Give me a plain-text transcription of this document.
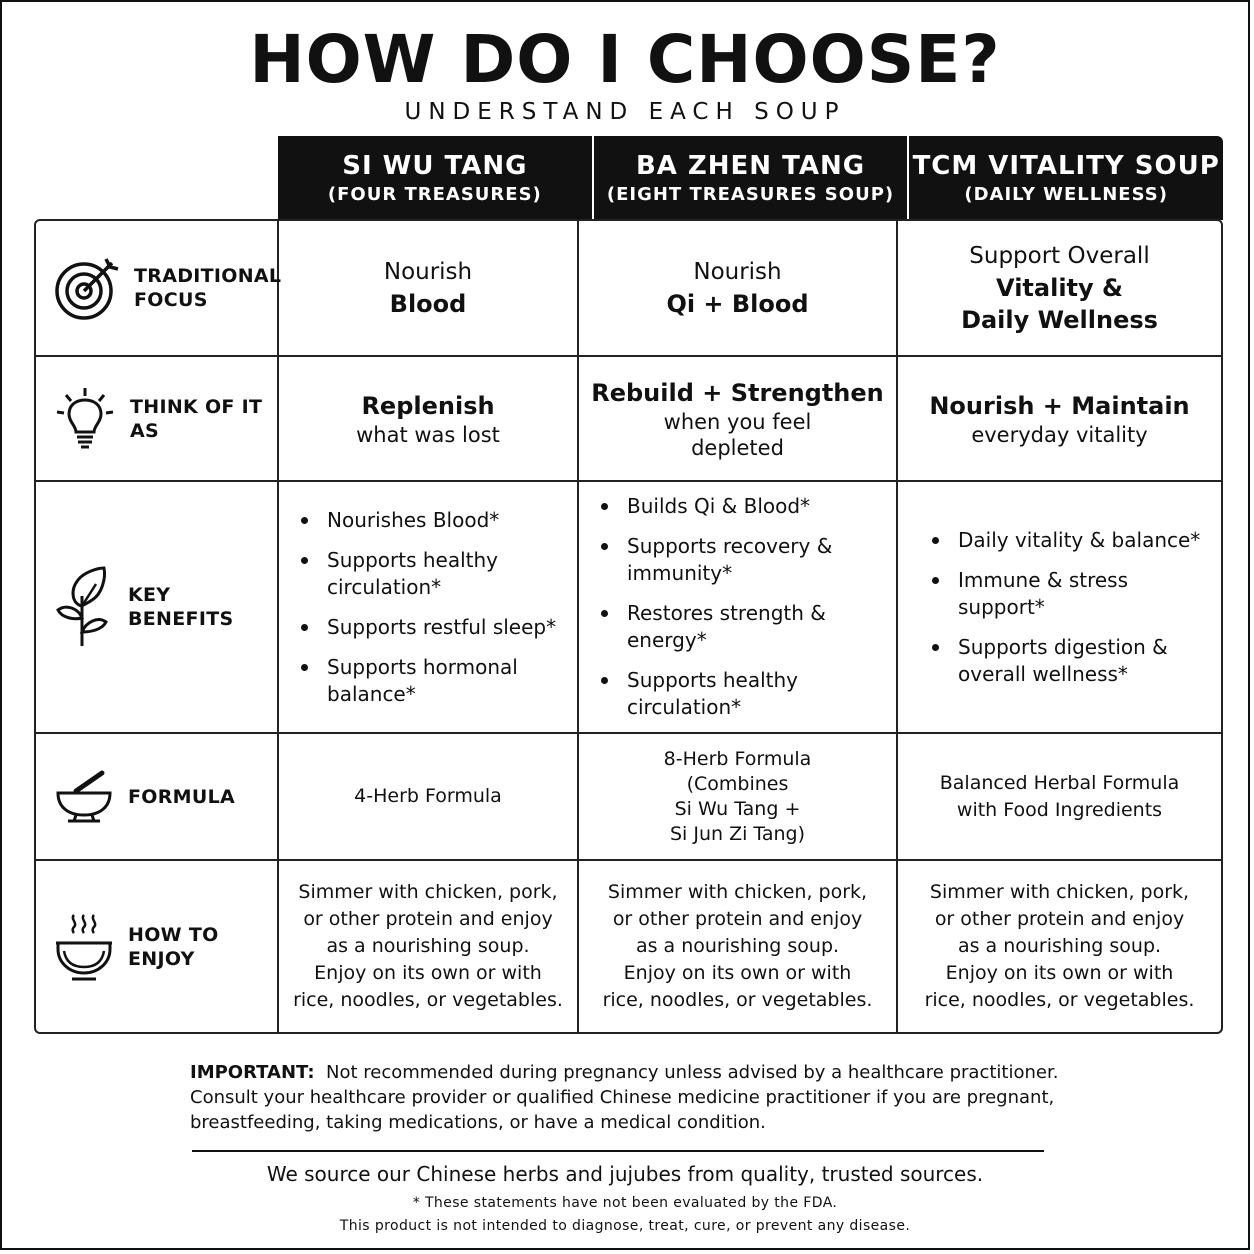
HOW DO I CHOOSE?
UNDERSTAND EACH SOUP
SI WU TANG
(FOUR TREASURES)
BA ZHEN TANG
(EIGHT TREASURES SOUP)
TCM VITALITY SOUP
(DAILY WELLNESS)
TRADITIONAL
FOCUS
Nourish
Blood
Nourish
Qi + Blood
Support Overall
Vitality &
Daily Wellness
THINK OF IT AS
Replenish
what was lost
Rebuild + Strengthen
when you feel
depleted
Nourish + Maintain
everyday vitality
KEY BENEFITS
Nourishes Blood*
Supports healthy circulation*
Supports restful sleep*
Supports hormonal balance*
Builds Qi & Blood*
Supports recovery & immunity*
Restores strength & energy*
Supports healthy circulation*
Daily vitality & balance*
Immune & stress support*
Supports digestion & overall wellness*
FORMULA	4-Herb Formula
8-Herb Formula
(Combines
Si Wu Tang +
Si Jun Zi Tang)
Balanced Herbal Formula
with Food Ingredients
HOW TO ENJOY
Simmer with chicken, pork,
or other protein and enjoy
as a nourishing soup.
Enjoy on its own or with
rice, noodles, or vegetables.
Simmer with chicken, pork,
or other protein and enjoy
as a nourishing soup.
Enjoy on its own or with
rice, noodles, or vegetables.
Simmer with chicken, pork,
or other protein and enjoy
as a nourishing soup.
Enjoy on its own or with
rice, noodles, or vegetables.
IMPORTANT: Not recommended during pregnancy unless advised by a healthcare practitioner.
Consult your healthcare provider or qualified Chinese medicine practitioner if you are pregnant,
breastfeeding, taking medications, or have a medical condition.
We source our Chinese herbs and jujubes from quality, trusted sources.
* These statements have not been evaluated by the FDA.
This product is not intended to diagnose, treat, cure, or prevent any disease.
